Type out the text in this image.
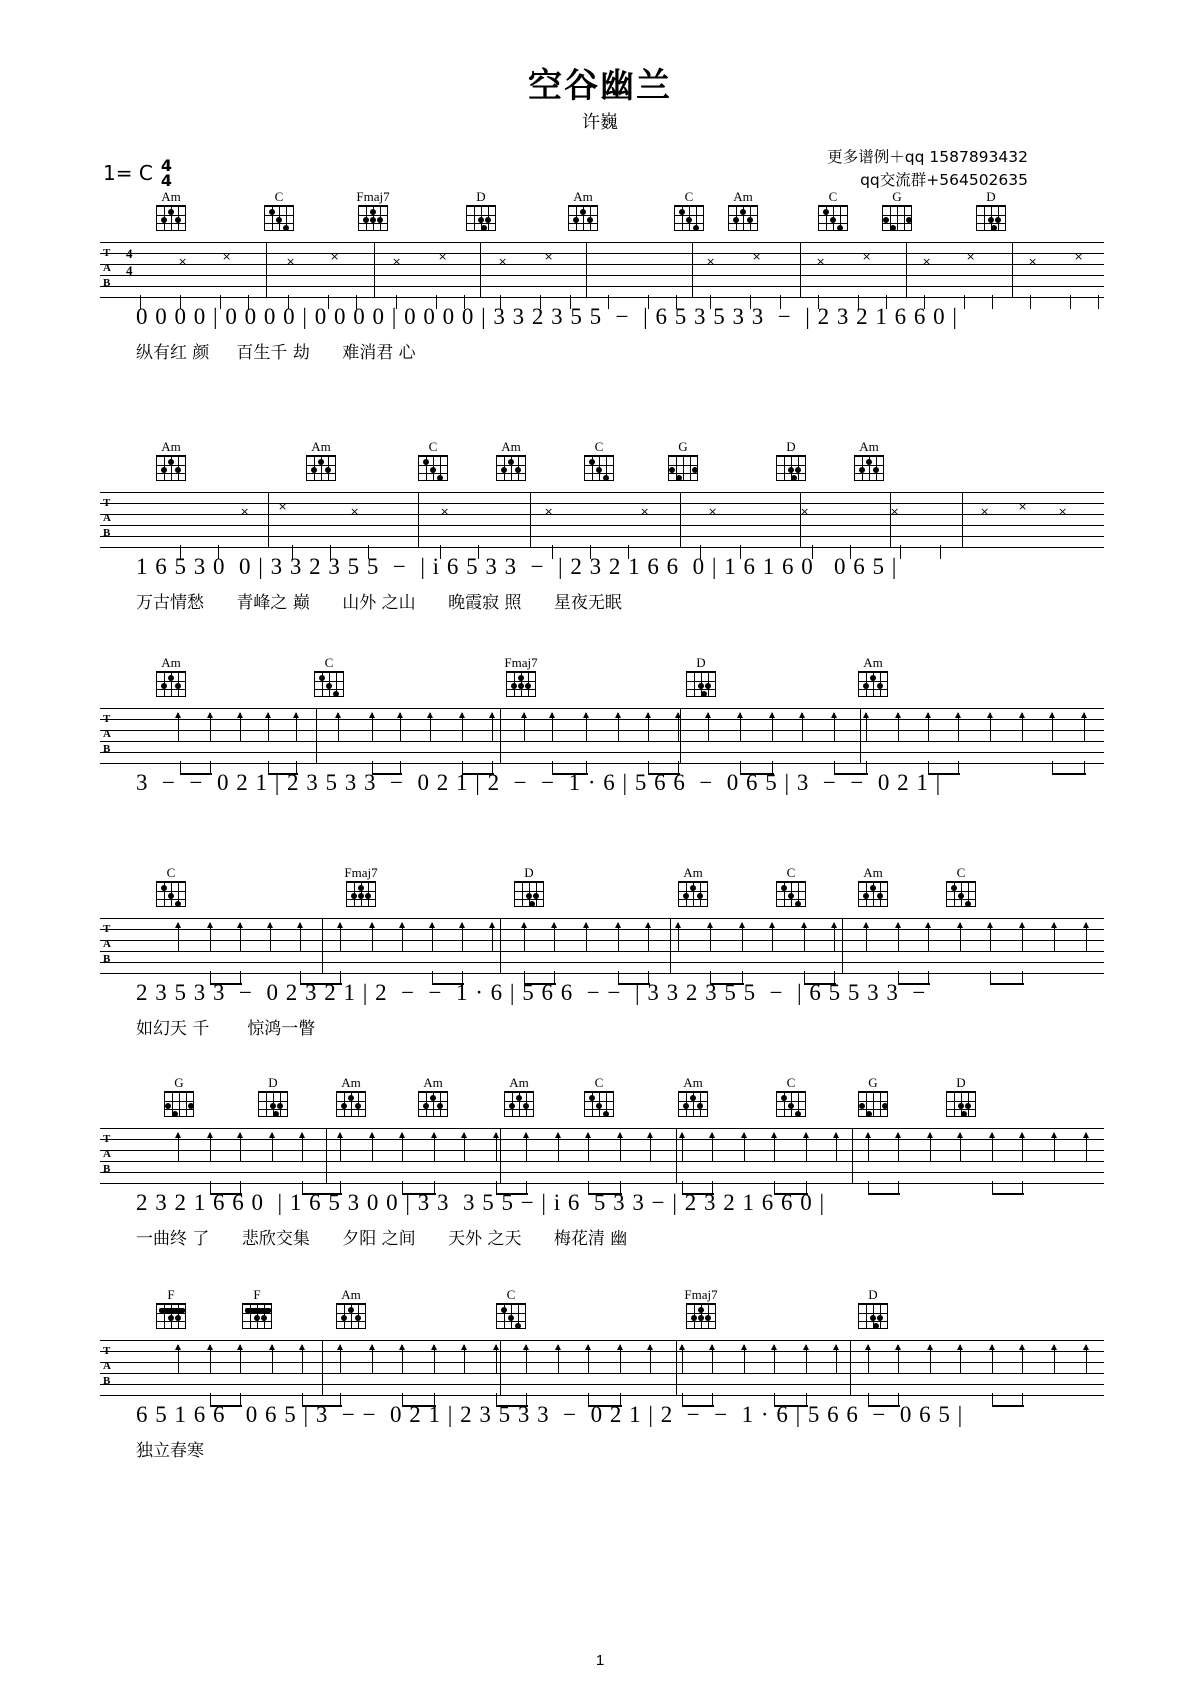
空谷幽兰
许巍
1= C 4
4
更多谱例＋qq 1587893432
qq交流群+564502635
Am	C	Fmaj7	D	Am	C	Am	C	G	D
T
A
B
4
4
×	×	×	×	×	×	×	×	×	×	×	×	×	×	×	×
0 0 0 0 | 0 0 0 0 | 0 0 0 0 | 0 0 0 0 | 3 3 2 3 5 5  −  | 6 5 3 5 3 3  −  | 2 3 2 1 6 6 0 |
纵有红 颜     百生千 劫      难消君 心
Am	Am	C	Am	C	G	D	Am
T
A
B
×	×	×	×	×	×	×	×	×	×	×	×
1 6 5 3 0  0 | 3 3 2 3 5 5  −  | i 6 5 3 3  −  | 2 3 2 1 6 6  0 | 1 6 1 6 0   0 6 5 |
万古情愁      青峰之 巅      山外 之山      晚霞寂 照      星夜无眠
Am	C	Fmaj7	D	Am
T
A
B
3  −  −  0 2 1 | 2 3 5 3 3  −  0 2 1 | 2  −  −  1 · 6 | 5 6 6  −  0 6 5 | 3  −  −  0 2 1 |
C	Fmaj7	D	Am	C	Am	C
T
A
B
2 3 5 3 3  −  0 2 3 2 1 | 2  −  −  1 · 6 | 5 6 6  − −  | 3 3 2 3 5 5  −  | 6 5 5 3 3  −
如幻天 千       惊鸿一瞥
G	D	Am	Am	Am	C	Am	C	G	D
T
A
B
2 3 2 1 6 6 0  | 1 6 5 3 0 0 | 3 3  3 5 5 − | i 6  5 3 3 − | 2 3 2 1 6 6 0 |
一曲终 了      悲欣交集      夕阳 之间      天外 之天      梅花清 幽
F	F	Am	C	Fmaj7	D
T
A
B
6 5 1 6 6   0 6 5 | 3  − −  0 2 1 | 2 3 5 3 3  −  0 2 1 | 2  −  −  1 · 6 | 5 6 6  −  0 6 5 |
独立春寒
1
